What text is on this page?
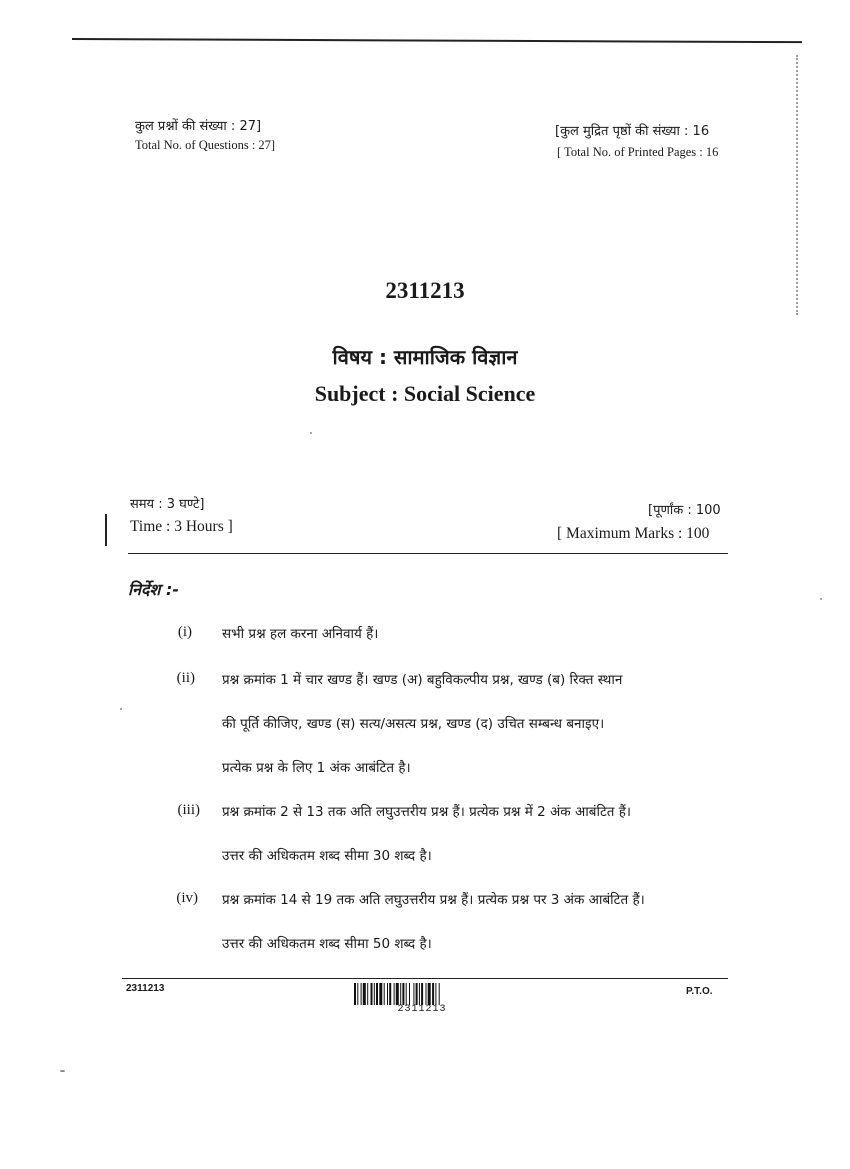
कुल प्रश्नों की संख्या : 27]
Total No. of Questions : 27]
[कुल मुद्रित पृष्ठों की संख्या : 16
[ Total No. of Printed Pages : 16
2311213
विषय : सामाजिक विज्ञान
Subject : Social Science
समय : 3 घण्टे]
Time : 3 Hours ]
[पूर्णांक : 100
[ Maximum Marks : 100
निर्देश :-
(i) सभी प्रश्न हल करना अनिवार्य हैं।
(ii) प्रश्न क्रमांक 1 में चार खण्ड हैं। खण्ड (अ) बहुविकल्पीय प्रश्न, खण्ड (ब) रिक्त स्थान
की पूर्ति कीजिए, खण्ड (स) सत्य/असत्य प्रश्न, खण्ड (द) उचित सम्बन्ध बनाइए।
प्रत्येक प्रश्न के लिए 1 अंक आबंटित है।
(iii) प्रश्न क्रमांक 2 से 13 तक अति लघुउत्तरीय प्रश्न हैं। प्रत्येक प्रश्न में 2 अंक आबंटित हैं।
उत्तर की अधिकतम शब्द सीमा 30 शब्द है।
(iv) प्रश्न क्रमांक 14 से 19 तक अति लघुउत्तरीय प्रश्न हैं। प्रत्येक प्रश्न पर 3 अंक आबंटित हैं।
उत्तर की अधिकतम शब्द सीमा 50 शब्द है।
2311213
2311213
P.T.O.
